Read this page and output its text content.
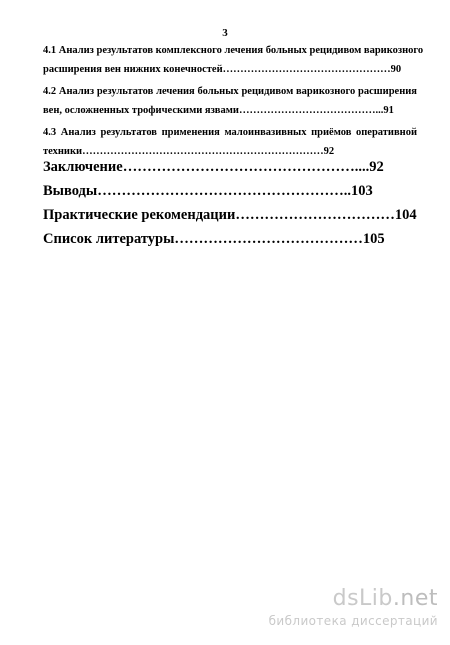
3
4.1 Анализ результатов комплексного лечения больных рецидивом варикозного
расширения вен нижних конечностей…………………………………………90
4.2 Анализ результатов лечения больных рецидивом варикозного расширения
вен, осложненных трофическими язвами…………………………………...91
4.3 Анализ результатов применения малоинвазивных приёмов оперативной
техники……………………………………………………………92
Заключение…………………………………………....92
Выводы……………………………………………..103
Практические рекомендации……………………………104
Список литературы…………………………………105
dsLib.net
библиотека диссертаций
